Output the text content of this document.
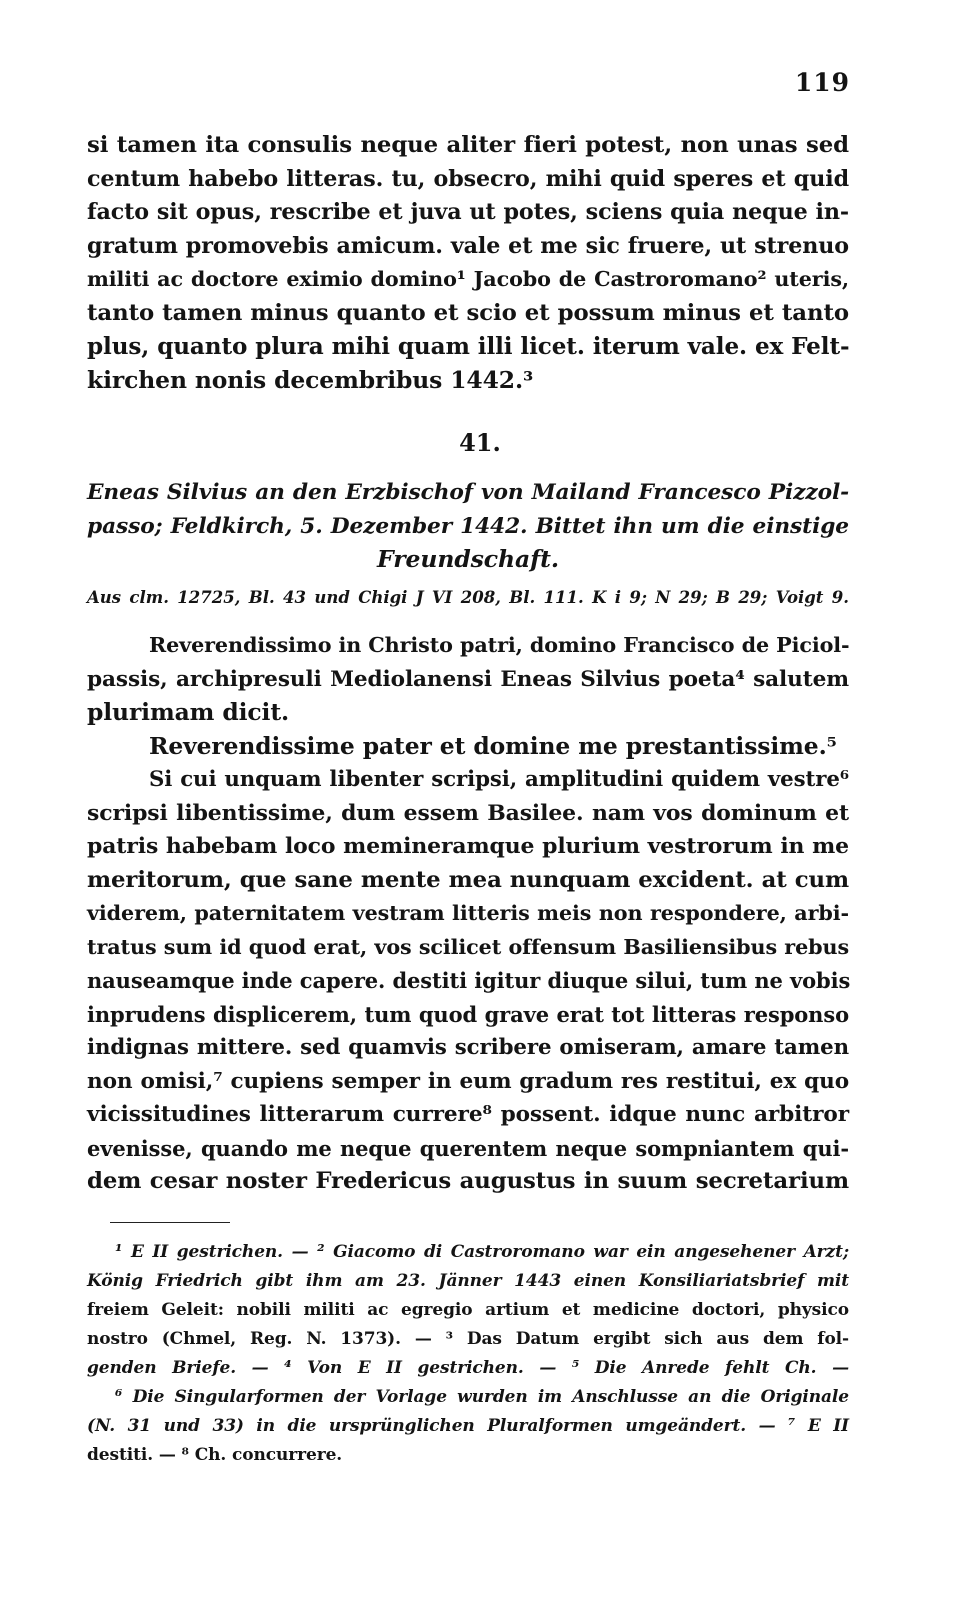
119
si tamen ita consulis neque aliter fieri potest, non unas sed
centum habebo litteras. tu, obsecro, mihi quid speres et quid
facto sit opus, rescribe et juva ut potes, sciens quia neque in-
gratum promovebis amicum. vale et me sic fruere, ut strenuo
militi ac doctore eximio domino¹ Jacobo de Castroromano² uteris,
tanto tamen minus quanto et scio et possum minus et tanto
plus, quanto plura mihi quam illi licet. iterum vale. ex Felt-
kirchen nonis decembribus 1442.³
41.
Eneas Silvius an den Erzbischof von Mailand Francesco Pizzol-
passo; Feldkirch, 5. Dezember 1442. Bittet ihn um die einstige
Freundschaft.
Aus clm. 12725, Bl. 43 und Chigi J VI 208, Bl. 111. K i 9; N 29; B 29; Voigt 9.
Reverendissimo in Christo patri, domino Francisco de Piciol-
passis, archipresuli Mediolanensi Eneas Silvius poeta⁴ salutem
plurimam dicit.
Reverendissime pater et domine me prestantissime.⁵
Si cui unquam libenter scripsi, amplitudini quidem vestre⁶
scripsi libentissime, dum essem Basilee. nam vos dominum et
patris habebam loco memineramque plurium vestrorum in me
meritorum, que sane mente mea nunquam excident. at cum
viderem, paternitatem vestram litteris meis non respondere, arbi-
tratus sum id quod erat, vos scilicet offensum Basiliensibus rebus
nauseamque inde capere. destiti igitur diuque silui, tum ne vobis
inprudens displicerem, tum quod grave erat tot litteras responso
indignas mittere. sed quamvis scribere omiseram, amare tamen
non omisi,⁷ cupiens semper in eum gradum res restitui, ex quo
vicissitudines litterarum currere⁸ possent. idque nunc arbitror
evenisse, quando me neque querentem neque sompniantem qui-
dem cesar noster Fredericus augustus in suum secretarium
¹ E II gestrichen. — ² Giacomo di Castroromano war ein angesehener Arzt;
König Friedrich gibt ihm am 23. Jänner 1443 einen Konsiliariatsbrief mit
freiem Geleit: nobili militi ac egregio artium et medicine doctori, physico
nostro (Chmel, Reg. N. 1373). — ³ Das Datum ergibt sich aus dem fol-
genden Briefe. — ⁴ Von E II gestrichen. — ⁵ Die Anrede fehlt Ch. —
⁶ Die Singularformen der Vorlage wurden im Anschlusse an die Originale
(N. 31 und 33) in die ursprünglichen Pluralformen umgeändert. — ⁷ E II
destiti. — ⁸ Ch. concurrere.
